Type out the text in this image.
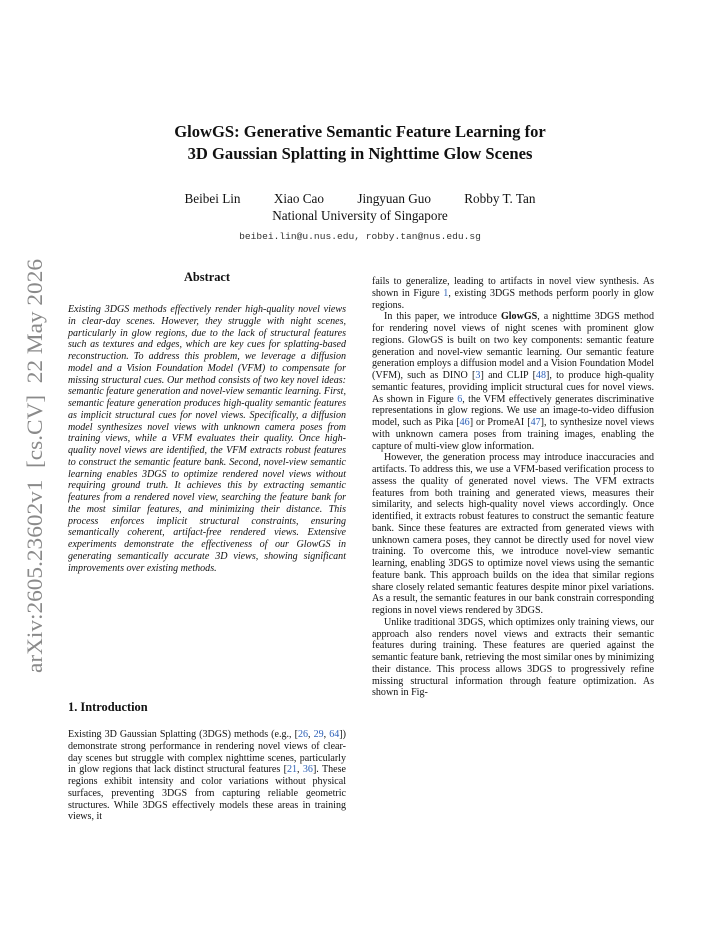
arXiv:2605.23602v1  [cs.CV]  22 May 2026
GlowGS: Generative Semantic Feature Learning for
3D Gaussian Splatting in Nighttime Glow Scenes
Beibei Lin	Xiao Cao	Jingyuan Guo	Robby T. Tan
National University of Singapore
beibei.lin@u.nus.edu, robby.tan@nus.edu.sg
Abstract

Existing 3DGS methods effectively render high-quality novel views in clear-day scenes. However, they struggle with night scenes, particularly in glow regions, due to the lack of structural features such as textures and edges, which are key cues for splatting-based reconstruction. To address this problem, we leverage a diffusion model and a Vision Foundation Model (VFM) to compensate for missing structural cues. Our method consists of two key novel ideas: semantic feature generation and novel-view semantic learning. First, semantic feature generation produces high-quality semantic features as implicit structural cues for novel views. Specifically, a diffusion model synthesizes novel views with unknown camera poses from training views, while a VFM evaluates their quality. Once high-quality novel views are identified, the VFM extracts robust features to construct the semantic feature bank. Second, novel-view semantic learning enables 3DGS to optimize rendered novel views without requiring ground truth. It achieves this by extracting semantic features from a rendered novel view, searching the feature bank for the most similar features, and minimizing their distance. This process enforces implicit structural constraints, ensuring semantically coherent, artifact-free rendered views. Extensive experiments demonstrate the effectiveness of our GlowGS in generating semantically accurate 3D views, showing significant improvements over existing methods.

1. Introduction

Existing 3D Gaussian Splatting (3DGS) methods (e.g., [26, 29, 64]) demonstrate strong performance in rendering novel views of clear-day scenes but struggle with complex nighttime scenes, particularly in glow regions that lack distinct structural features [21, 36]. These regions exhibit intensity and color variations without physical surfaces, preventing 3DGS from capturing reliable geometric structures. While 3DGS effectively models these areas in training views, it

fails to generalize, leading to artifacts in novel view synthesis. As shown in Figure 1, existing 3DGS methods perform poorly in glow regions.

In this paper, we introduce GlowGS, a nighttime 3DGS method for rendering novel views of night scenes with prominent glow regions. GlowGS is built on two key components: semantic feature generation and novel-view semantic learning. Our semantic feature generation employs a diffusion model and a Vision Foundation Model (VFM), such as DINO [3] and CLIP [48], to produce high-quality semantic features, providing implicit structural cues for novel views. As shown in Figure 6, the VFM effectively generates discriminative representations in glow regions. We use an image-to-video diffusion model, such as Pika [46] or PromeAI [47], to synthesize novel views with unknown camera poses from training images, enabling the capture of multi-view glow information.

However, the generation process may introduce inaccuracies and artifacts. To address this, we use a VFM-based verification process to assess the quality of generated novel views. The VFM extracts features from both training and generated views, measures their similarity, and selects high-quality novel views accordingly. Once identified, it extracts robust features to construct the semantic feature bank. Since these features are extracted from generated views with unknown camera poses, they cannot be directly used for novel view training. To overcome this, we introduce novel-view semantic learning, enabling 3DGS to optimize novel views using the semantic feature bank. This approach builds on the idea that similar regions share closely related semantic features despite minor pixel variations. As a result, the semantic features in our bank constrain corresponding regions in novel views rendered by 3DGS.

Unlike traditional 3DGS, which optimizes only training views, our approach also renders novel views and extracts their semantic features during training. These features are queried against the semantic feature bank, retrieving the most similar ones by minimizing their distance. This process allows 3DGS to progressively refine missing structural information through feature optimization. As shown in Fig-
